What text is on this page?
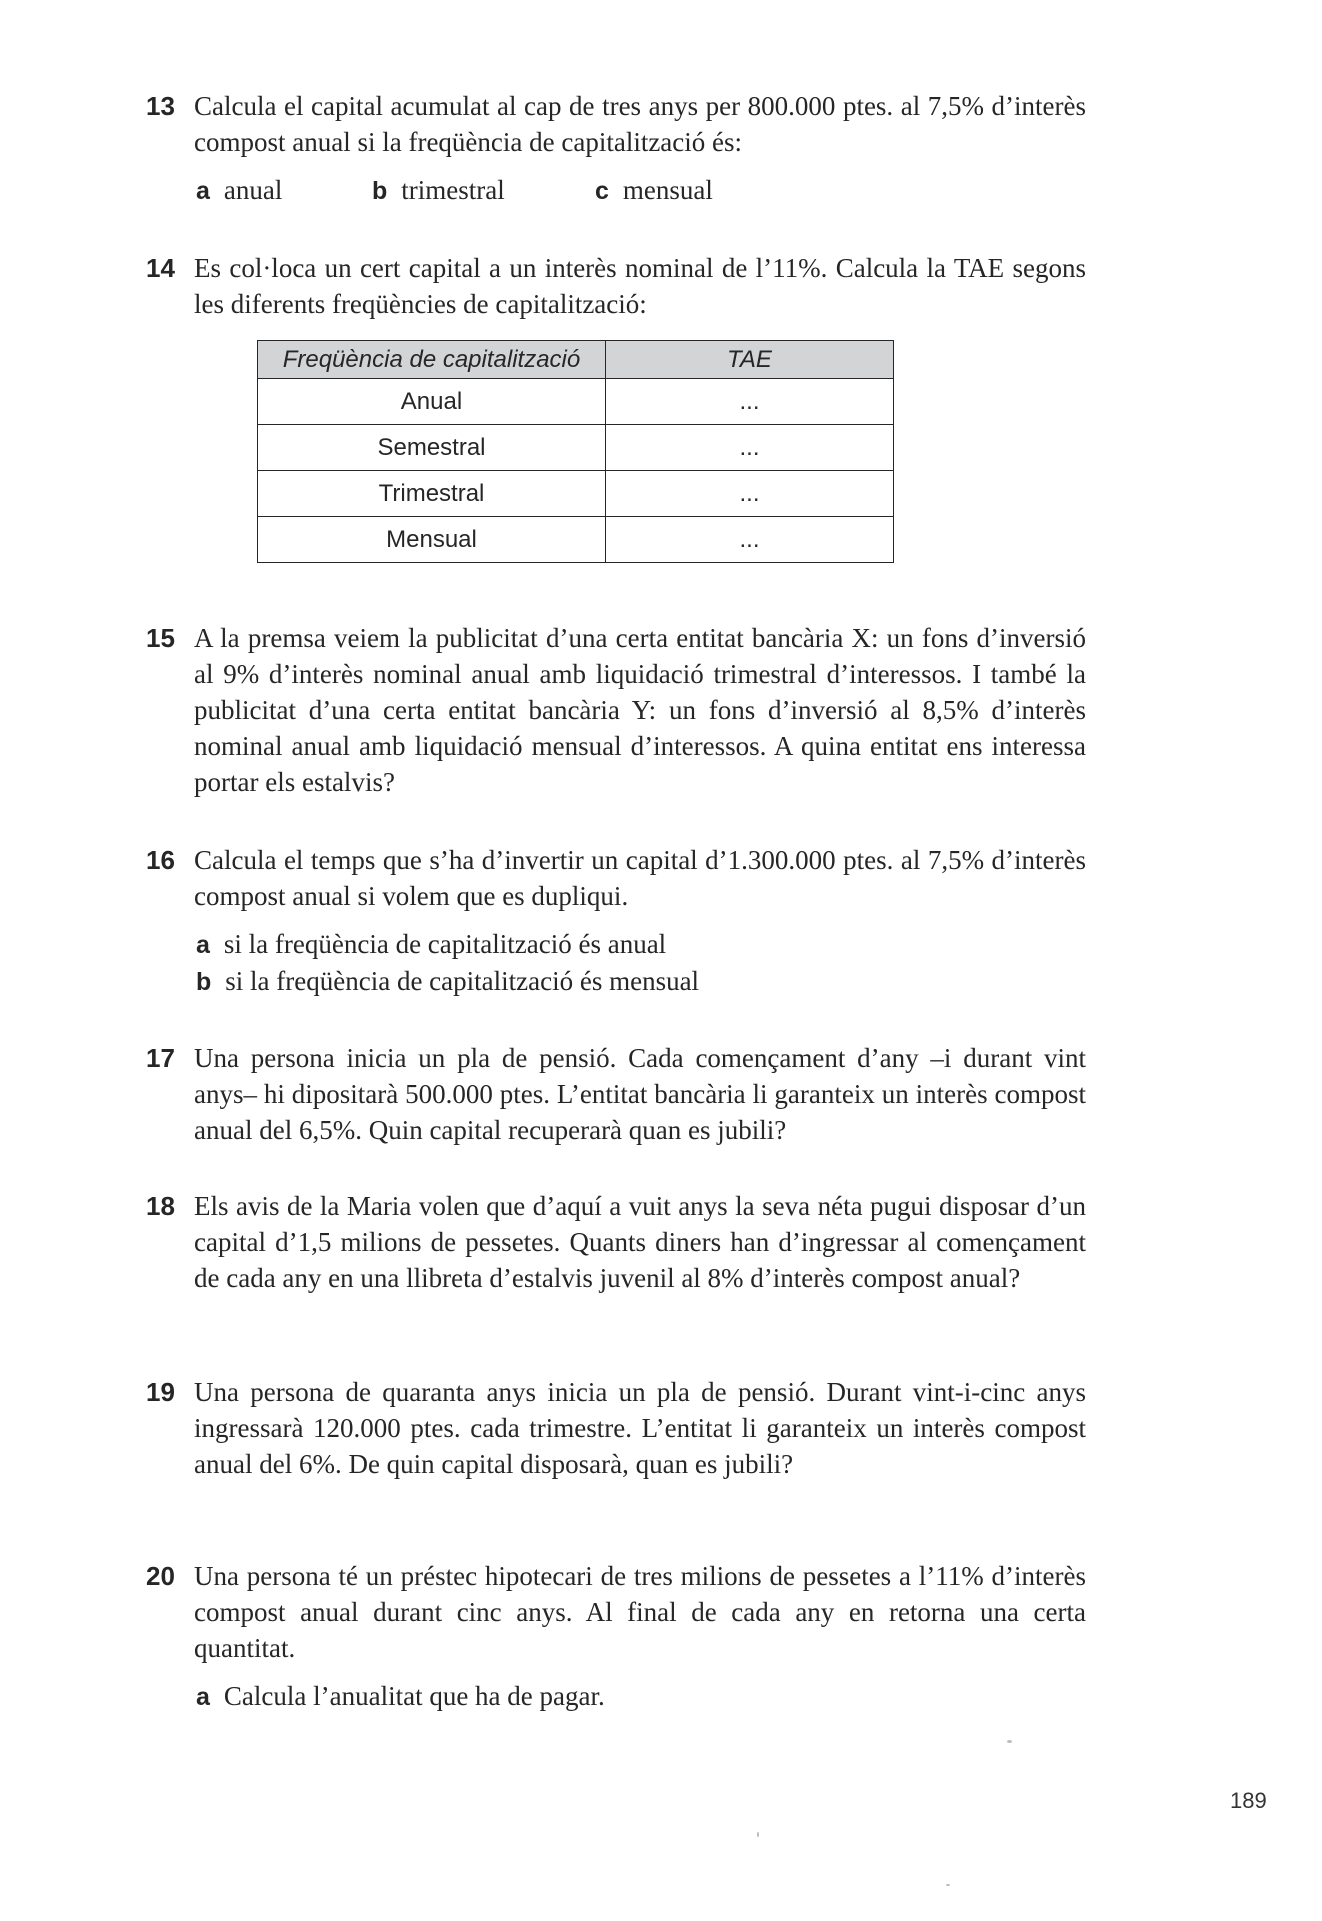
13 Calcula el capital acumulat al cap de tres anys per 800.000 ptes. al 7,5% d’interès compost anual si la freqüència de capitalització és:
a anual	b trimestral	c mensual
14 Es col·loca un cert capital a un interès nominal de l’11%. Calcula la TAE segons les diferents freqüències de capitalització:
Freqüència de capitalització	TAE
Anual	...
Semestral	...
Trimestral	...
Mensual	...
15 A la premsa veiem la publicitat d’una certa entitat bancària X: un fons d’inversió al 9% d’interès nominal anual amb liquidació trimestral d’interessos. I també la publicitat d’una certa entitat bancària Y: un fons d’inversió al 8,5% d’interès nominal anual amb liquidació mensual d’interessos. A quina entitat ens interessa portar els estalvis?
16 Calcula el temps que s’ha d’invertir un capital d’1.300.000 ptes. al 7,5% d’interès compost anual si volem que es dupliqui.
a si la freqüència de capitalització és anual
b si la freqüència de capitalització és mensual
17 Una persona inicia un pla de pensió. Cada començament d’any –i durant vint anys– hi dipositarà 500.000 ptes. L’entitat bancària li garanteix un interès compost anual del 6,5%. Quin capital recuperarà quan es jubili?
18 Els avis de la Maria volen que d’aquí a vuit anys la seva néta pugui disposar d’un capital d’1,5 milions de pessetes. Quants diners han d’ingressar al començament de cada any en una llibreta d’estalvis juvenil al 8% d’interès compost anual?
19 Una persona de quaranta anys inicia un pla de pensió. Durant vint-i-cinc anys ingressarà 120.000 ptes. cada trimestre. L’entitat li garanteix un interès compost anual del 6%. De quin capital disposarà, quan es jubili?
20 Una persona té un préstec hipotecari de tres milions de pessetes a l’11% d’interès compost anual durant cinc anys. Al final de cada any en retorna una certa quantitat.
a Calcula l’anualitat que ha de pagar.
189
